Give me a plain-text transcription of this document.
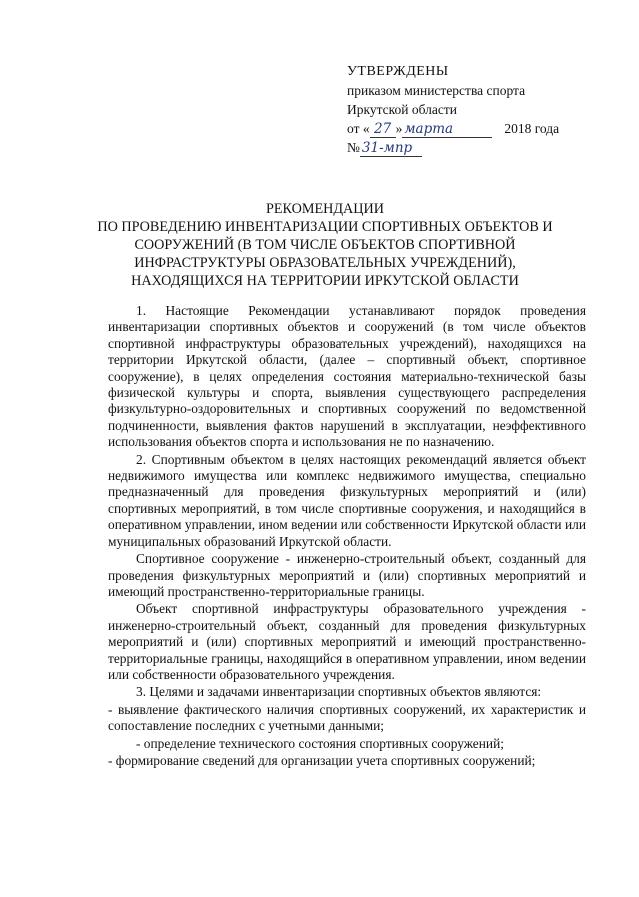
УТВЕРЖДЕНЫ
приказом министерства спорта
Иркутской области
от « 27 » марта	2018 года
№ 31-мпр
РЕКОМЕНДАЦИИ
ПО ПРОВЕДЕНИЮ ИНВЕНТАРИЗАЦИИ СПОРТИВНЫХ ОБЪЕКТОВ И
СООРУЖЕНИЙ (В ТОМ ЧИСЛЕ ОБЪЕКТОВ СПОРТИВНОЙ
ИНФРАСТРУКТУРЫ ОБРАЗОВАТЕЛЬНЫХ УЧРЕЖДЕНИЙ),
НАХОДЯЩИХСЯ НА ТЕРРИТОРИИ ИРКУТСКОЙ ОБЛАСТИ

1. Настоящие Рекомендации устанавливают порядок проведения инвентаризации спортивных объектов и сооружений (в том числе объектов спортивной инфраструктуры образовательных учреждений), находящихся на территории Иркутской области, (далее – спортивный объект, спортивное сооружение), в целях определения состояния материально-технической базы физической культуры и спорта, выявления существующего распределения физкультурно-оздоровительных и спортивных сооружений по ведомственной подчиненности, выявления фактов нарушений в эксплуатации, неэффективного использования объектов спорта и использования не по назначению.

2. Спортивным объектом в целях настоящих рекомендаций является объект недвижимого имущества или комплекс недвижимого имущества, специально предназначенный для проведения физкультурных мероприятий и (или) спортивных мероприятий, в том числе спортивные сооружения, и находящийся в оперативном управлении, ином ведении или собственности Иркутской области или муниципальных образований Иркутской области.

Спортивное сооружение - инженерно-строительный объект, созданный для проведения физкультурных мероприятий и (или) спортивных мероприятий и имеющий пространственно-территориальные границы.

Объект спортивной инфраструктуры образовательного учреждения - инженерно-строительный объект, созданный для проведения физкультурных мероприятий и (или) спортивных мероприятий и имеющий пространственно-территориальные границы, находящийся в оперативном управлении, ином ведении или собственности образовательного учреждения.

3. Целями и задачами инвентаризации спортивных объектов являются:

- выявление фактического наличия спортивных сооружений, их характеристик и сопоставление последних с учетными данными;

- определение технического состояния спортивных сооружений;

- формирование сведений для организации учета спортивных сооружений;
